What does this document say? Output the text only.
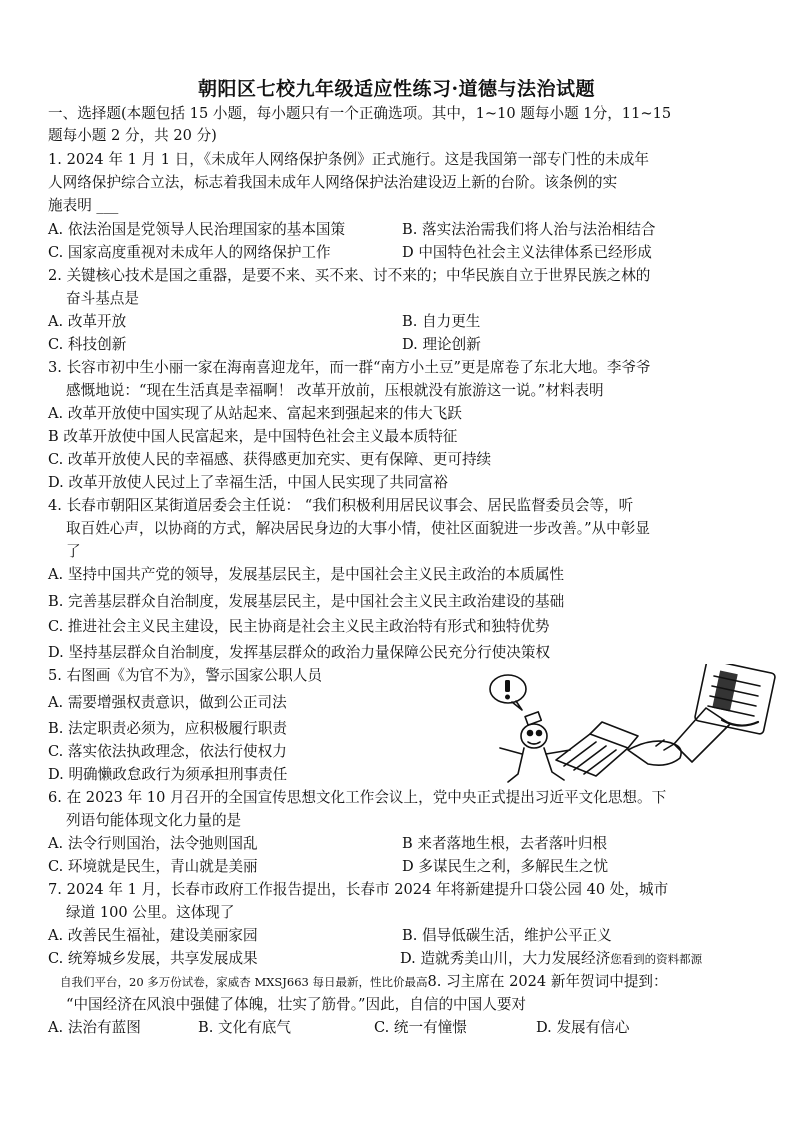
朝阳区七校九年级适应性练习·道德与法治试题
一、选择题(本题包括 15 小题，每小题只有一个正确选项。其中，1~10 题每小题 1分，11~15
题每小题 2 分，共 20 分)
1. 2024 年 1 月 1 日，《未成年人网络保护条例》正式施行。这是我国第一部专门性的未成年
人网络保护综合立法，标志着我国未成年人网络保护法治建设迈上新的台阶。该条例的实
施表明 ___
A. 依法治国是党领导人民治理国家的基本国策	B. 落实法治需我们将人治与法治相结合
C. 国家高度重视对未成年人的网络保护工作	D 中国特色社会主义法律体系已经形成
2. 关键核心技术是国之重器，是要不来、买不来、讨不来的；中华民族自立于世界民族之林的
奋斗基点是
A. 改革开放	B. 自力更生
C. 科技创新	D. 理论创新
3. 长容市初中生小丽一家在海南喜迎龙年，而一群“南方小土豆”更是席卷了东北大地。李爷爷
感慨地说：“现在生活真是幸福啊！ 改革开放前，压根就没有旅游这一说。”材料表明
A. 改革开放使中国实现了从站起来、富起来到强起来的伟大飞跃
B 改革开放使中国人民富起来，是中国特色社会主义最本质特征
C. 改革开放使人民的幸福感、获得感更加充实、更有保障、更可持续
D. 改革开放使人民过上了幸福生活，中国人民实现了共同富裕
4. 长春市朝阳区某街道居委会主任说： “我们积极利用居民议事会、居民监督委员会等，听
取百姓心声，以协商的方式，解决居民身边的大事小情，使社区面貌进一步改善。”从中彰显
了
A. 坚持中国共产党的领导，发展基层民主，是中国社会主义民主政治的本质属性
B. 完善基层群众自治制度，发展基层民主，是中国社会主义民主政治建设的基础
C. 推进社会主义民主建设，民主协商是社会主义民主政治特有形式和独特优势
D. 坚持基层群众自治制度，发挥基层群众的政治力量保障公民充分行使决策权
5. 右图画《为官不为》，警示国家公职人员
A. 需要增强权责意识，做到公正司法
B. 法定职责必须为，应积极履行职责
C. 落实依法执政理念，依法行使权力
D. 明确懒政怠政行为须承担刑事责任
6. 在 2023 年 10 月召开的全国宣传思想文化工作会议上，党中央正式提出习近平文化思想。下
列语句能体现文化力量的是
A. 法令行则国治，法令弛则国乱	B 来者落地生根，去者落叶归根
C. 环境就是民生，青山就是美丽	D 多谋民生之利，多解民生之忧
7. 2024 年 1 月，长春市政府工作报告提出，长春市 2024 年将新建提升口袋公园 40 处，城市
绿道 100 公里。这体现了
A. 改善民生福祉，建设美丽家园	B. 倡导低碳生活，维护公平正义
C. 统筹城乡发展，共享发展成果	D. 造就秀美山川，大力发展经济您看到的资料都源
自我们平台，20 多万份试卷，家威杏 MXSJ663 每日最新，性比价最高8. 习主席在 2024 新年贺词中提到：
“中国经济在风浪中强健了体魄，壮实了筋骨。”因此，自信的中国人要对
A. 法治有蓝图	B. 文化有底气	C. 统一有憧憬	D. 发展有信心
